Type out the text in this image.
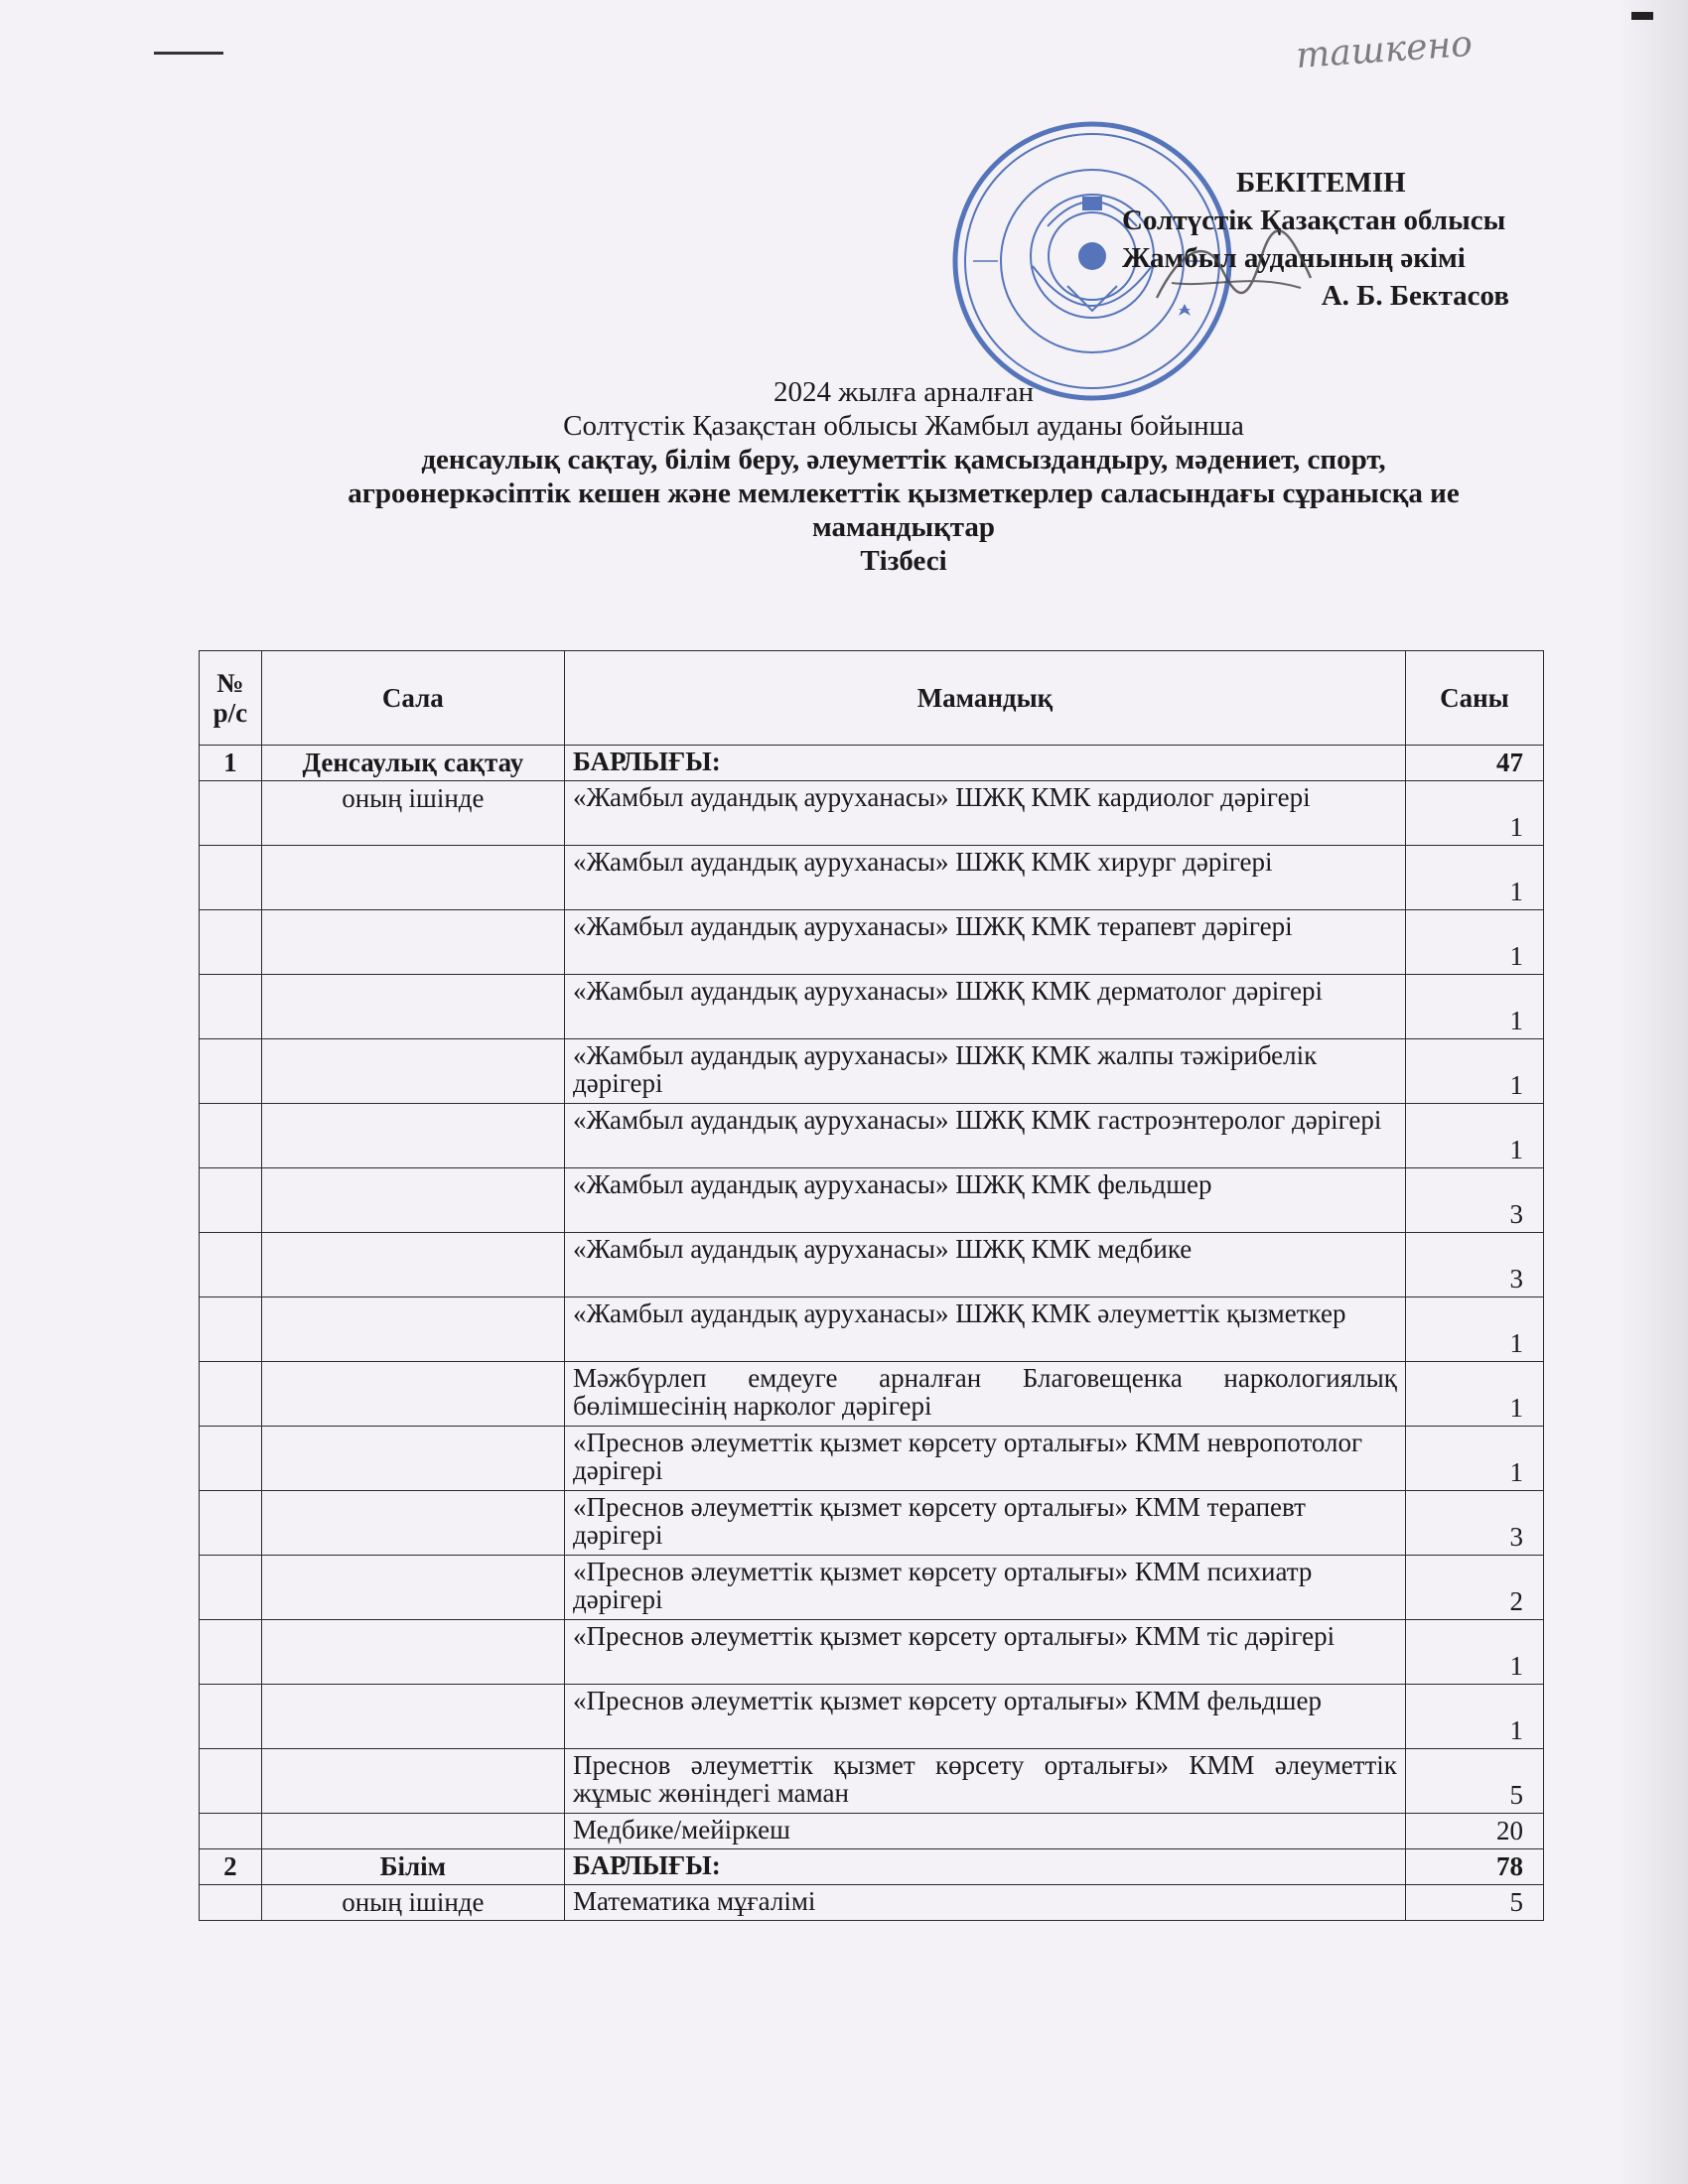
ташкено
БЕКІТЕМІН
Солтүстік Қазақстан облысы
Жамбыл ауданының әкімі
А. Б. Бектасов
2024 жылға арналған
Солтүстік Қазақстан облысы Жамбыл ауданы бойынша
денсаулық сақтау, білім беру, әлеуметтік қамсыздандыру, мәдениет, спорт,
агроөнеркәсіптік кешен және мемлекеттік қызметкерлер саласындағы сұранысқа ие
мамандықтар
Тізбесі
№ р/с	Сала	Мамандық	Саны
1	Денсаулық сақтау	БАРЛЫҒЫ:	47
	оның ішінде	«Жамбыл аудандық ауруханасы» ШЖҚ КМК кардиолог дәрігері	1
		«Жамбыл аудандық ауруханасы» ШЖҚ КМК хирург дәрігері	1
		«Жамбыл аудандық ауруханасы» ШЖҚ КМК терапевт дәрігері	1
		«Жамбыл аудандық ауруханасы» ШЖҚ КМК дерматолог дәрігері	1
		«Жамбыл аудандық ауруханасы» ШЖҚ КМК жалпы тәжірибелік дәрігері	1
		«Жамбыл аудандық ауруханасы» ШЖҚ КМК гастроэнтеролог дәрігері	1
		«Жамбыл аудандық ауруханасы» ШЖҚ КМК фельдшер	3
		«Жамбыл аудандық ауруханасы» ШЖҚ КМК медбике	3
		«Жамбыл аудандық ауруханасы» ШЖҚ КМК әлеуметтік қызметкер	1
		Мәжбүрлеп емдеуге арналған Благовещенка наркологиялық бөлімшесінің нарколог дәрігері	1
		«Преснов әлеуметтік қызмет көрсету орталығы» КММ невропотолог дәрігері	1
		«Преснов әлеуметтік қызмет көрсету орталығы» КММ терапевт дәрігері	3
		«Преснов әлеуметтік қызмет көрсету орталығы» КММ психиатр дәрігері	2
		«Преснов әлеуметтік қызмет көрсету орталығы» КММ тіс дәрігері	1
		«Преснов әлеуметтік қызмет көрсету орталығы» КММ фельдшер	1
		Преснов әлеуметтік қызмет көрсету орталығы» КММ әлеуметтік жұмыс жөніндегі маман	5
		Медбике/мейіркеш	20
2	Білім	БАРЛЫҒЫ:	78
	оның ішінде	Математика мұғалімі	5
